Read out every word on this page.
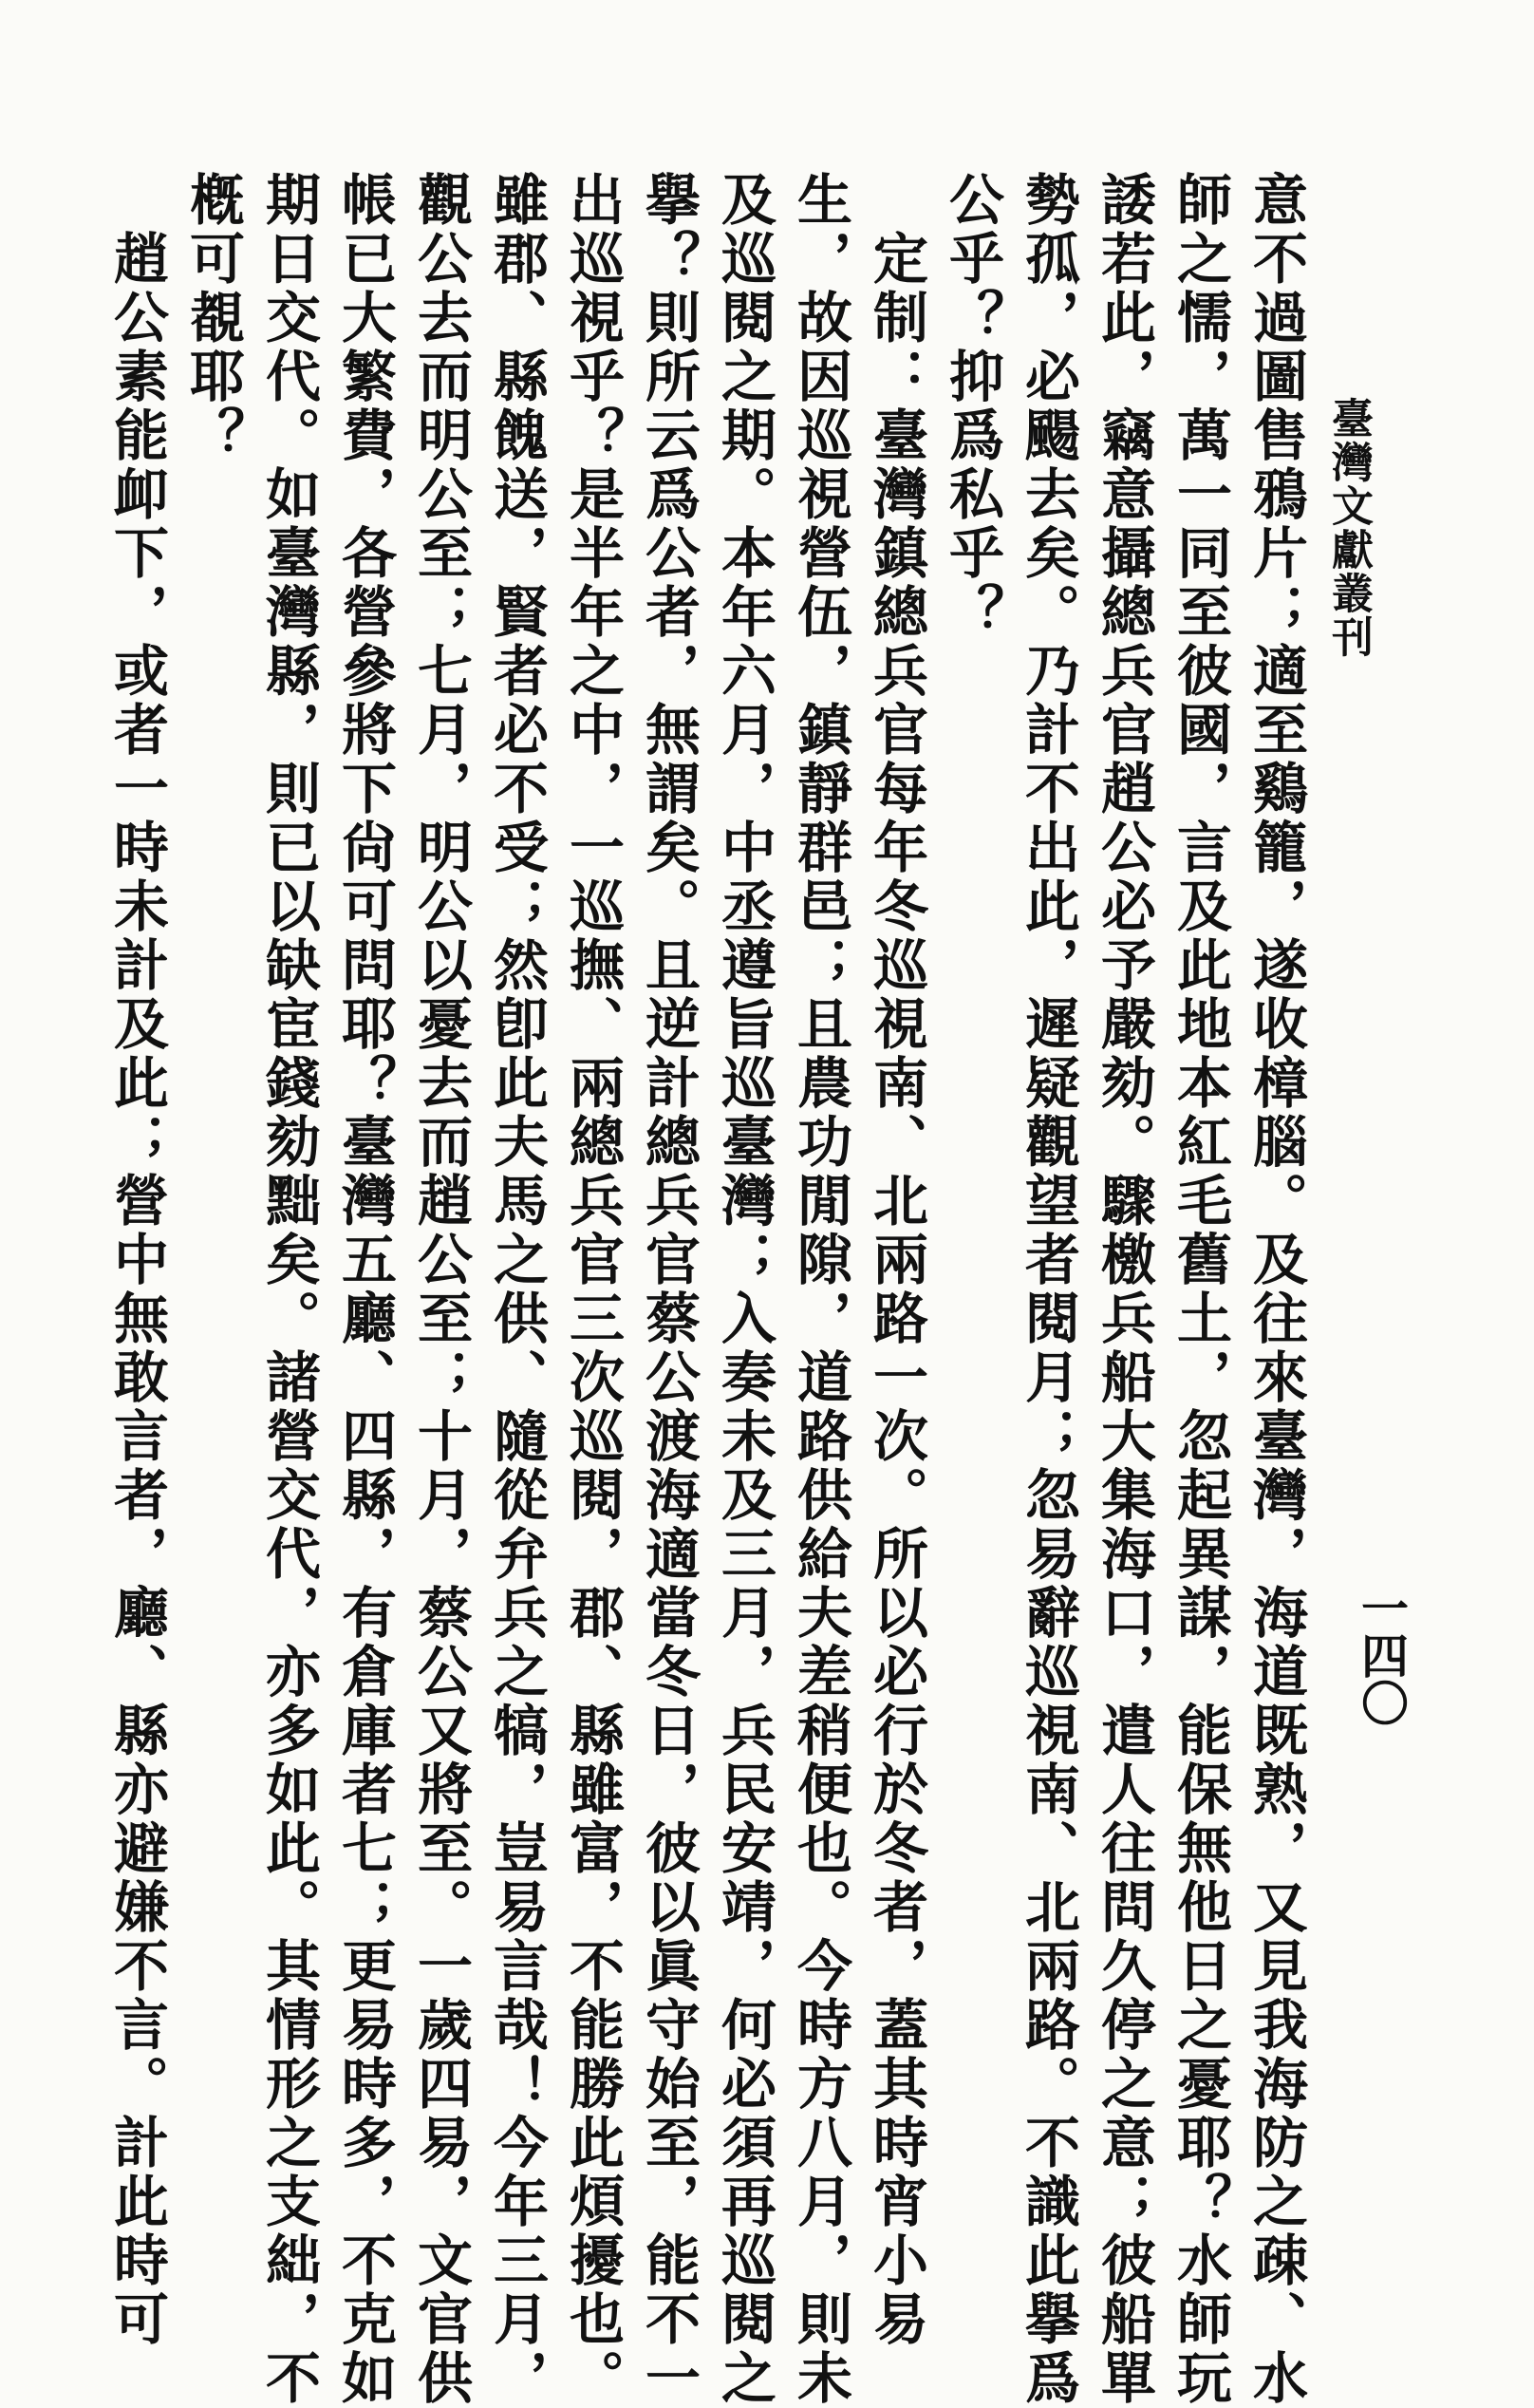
臺灣文獻叢刊
一四〇
意不過圖售鴉片；適至鷄籠，遂收樟腦。及往來臺灣，海道既熟，又見我海防之疎、水
師之懦，萬一同至彼國，言及此地本紅毛舊土，忽起異謀，能保無他日之憂耶？水師玩
諉若此，竊意攝總兵官趙公必予嚴劾。驟檄兵船大集海口，遣人往問久停之意；彼船單
勢孤，必颺去矣。乃計不出此，遲疑觀望者閱月；忽易辭巡視南、北兩路。不識此擧爲
公乎？抑爲私乎？
　定制：臺灣鎮總兵官每年冬巡視南、北兩路一次。所以必行於冬者，蓋其時宵小易
生，故因巡視營伍，鎮靜群邑；且農功閒隙，道路供給夫差稍便也。今時方八月，則未
及巡閱之期。本年六月，中丞遵旨巡臺灣；入奏未及三月，兵民安靖，何必須再巡閱之
擧？則所云爲公者，無謂矣。且逆計總兵官蔡公渡海適當冬日，彼以眞守始至，能不一
出巡視乎？是半年之中，一巡撫、兩總兵官三次巡閱，郡、縣雖富，不能勝此煩擾也。
雖郡、縣餽送，賢者必不受；然卽此夫馬之供、隨從弁兵之犒，豈易言哉！今年三月，
觀公去而明公至；七月，明公以憂去而趙公至；十月，蔡公又將至。一歲四易，文官供
帳已大繁費，各營參將下尙可問耶？臺灣五廳、四縣，有倉庫者七；更易時多，不克如
期日交代。如臺灣縣，則已以缺宦錢劾黜矣。諸營交代，亦多如此。其情形之支絀，不
槪可覩耶？
　趙公素能卹下，或者一時未計及此；營中無敢言者，廳、縣亦避嫌不言。計此時可
